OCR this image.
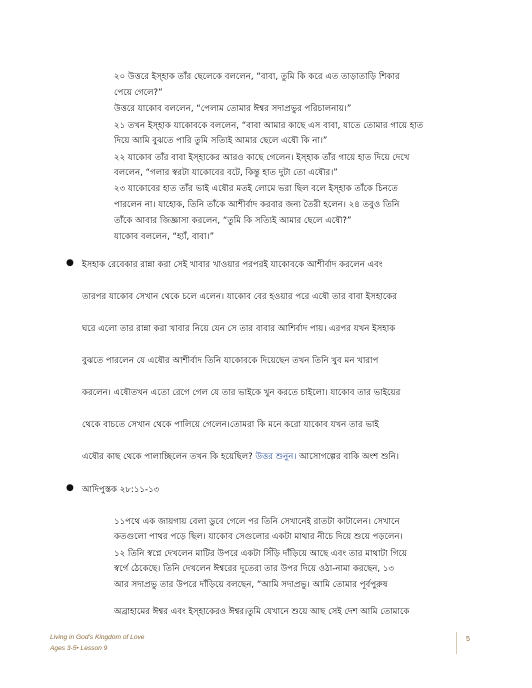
২০ উত্তরে ইস্হাক তাঁর ছেলেকে বললেন, “বাবা, তুমি কি করে এত তাড়াতাড়ি শিকার
পেয়ে গেলে?”
উত্তরে যাকোব বললেন, “পেলাম তোমার ঈশ্বর সদাপ্রভুর পরিচালনায়।”
২১ তখন ইস্হাক যাকোবকে বললেন, “বাবা আমার কাছে এস বাবা, যাতে তোমার গায়ে হাত
দিয়ে আমি বুঝতে পারি তুমি সত্যিই আমার ছেলে এষৌ কি না।”
২২ যাকোব তাঁর বাবা ইস্হাকের আরও কাছে গেলেন। ইস্হাক তাঁর গায়ে হাত দিয়ে দেখে
বললেন, “গলার স্বরটা যাকোবের বটে, কিন্তু হাত দুটা তো এষৌর।”
২৩ যাকোবের হাত তাঁর ভাই এষৌর মতই লোমে ভরা ছিল বলে ইস্হাক তাঁকে চিনতে
পারলেন না। যাহোক, তিনি তাঁকে আশীর্বাদ করবার জন্য তৈরী হলেন। ২৪ তবুও তিনি
তাঁকে আবার জিজ্ঞাসা করলেন, “তুমি কি সত্যিই আমার ছেলে এষৌ?”
যাকোব বললেন, “হ্যাঁ, বাবা।”
● ইসহাক রেবেকার রান্না করা সেই খাবার খাওয়ার পরপরই যাকোবকে আশীর্বাদ করলেন এবং
তারপর যাকোব সেখান থেকে চলে এলেন। যাকোব বের হওয়ার পরে এষৌ তার বাবা ইসহাকের
ঘরে এলো তার রান্না করা খাবার নিয়ে যেন সে তার বাবার আশির্বাদ পায়। এরপর যখন ইসহাক
বুঝতে পারলেন যে এষৌর আশীর্বাদ তিনি যাকোবকে দিয়েছেন তখন তিনি খুব মন খারাপ
করলেন। এষৌতখন এতো রেগে গেল যে তার ভাইকে খুন করতে চাইলো। যাকোব তার ভাইয়ের
থেকে বাচতে সেখান থেকে পালিয়ে গেলেন।তোমরা কি মনে করো যাকোব যখন তার ভাই
এষৌর কাছ থেকে পালাচ্ছিলেন তখন কি হয়েছিল? উত্তর শুনুন। আসোগল্পের বাকি অংশ শুনি।
● আদিপুস্তক ২৮:১১-১৩
১১পথে এক জায়গায় বেলা ডুবে গেলে পর তিনি সেখানেই রাতটা কাটালেন। সেখানে
কতগুলো পাথর পড়ে ছিল। যাকোব সেগুলোর একটা মাথার নীচে দিয়ে শুয়ে পড়লেন।
১২ তিনি স্বপ্নে দেখলেন মাটির উপরে একটা সিঁড়ি দাঁড়িয়ে আছে এবং তার মাথাটা গিয়ে
স্বর্গে ঠেকেছে। তিনি দেখলেন ঈশ্বরের দূতেরা তার উপর দিয়ে ওঠা-নামা করছেন, ১৩
আর সদাপ্রভু তার উপরে দাঁড়িয়ে বলছেন, “আমি সদাপ্রভু। আমি তোমার পূর্বপুরুষ
অব্রাহামের ঈশ্বর এবং ইস্হাকেরও ঈশ্বর।তুমি যেখানে শুয়ে আছ সেই দেশ আমি তোমাকে
Living in God’s Kingdom of Love
Ages 3-5• Lesson 9
5
